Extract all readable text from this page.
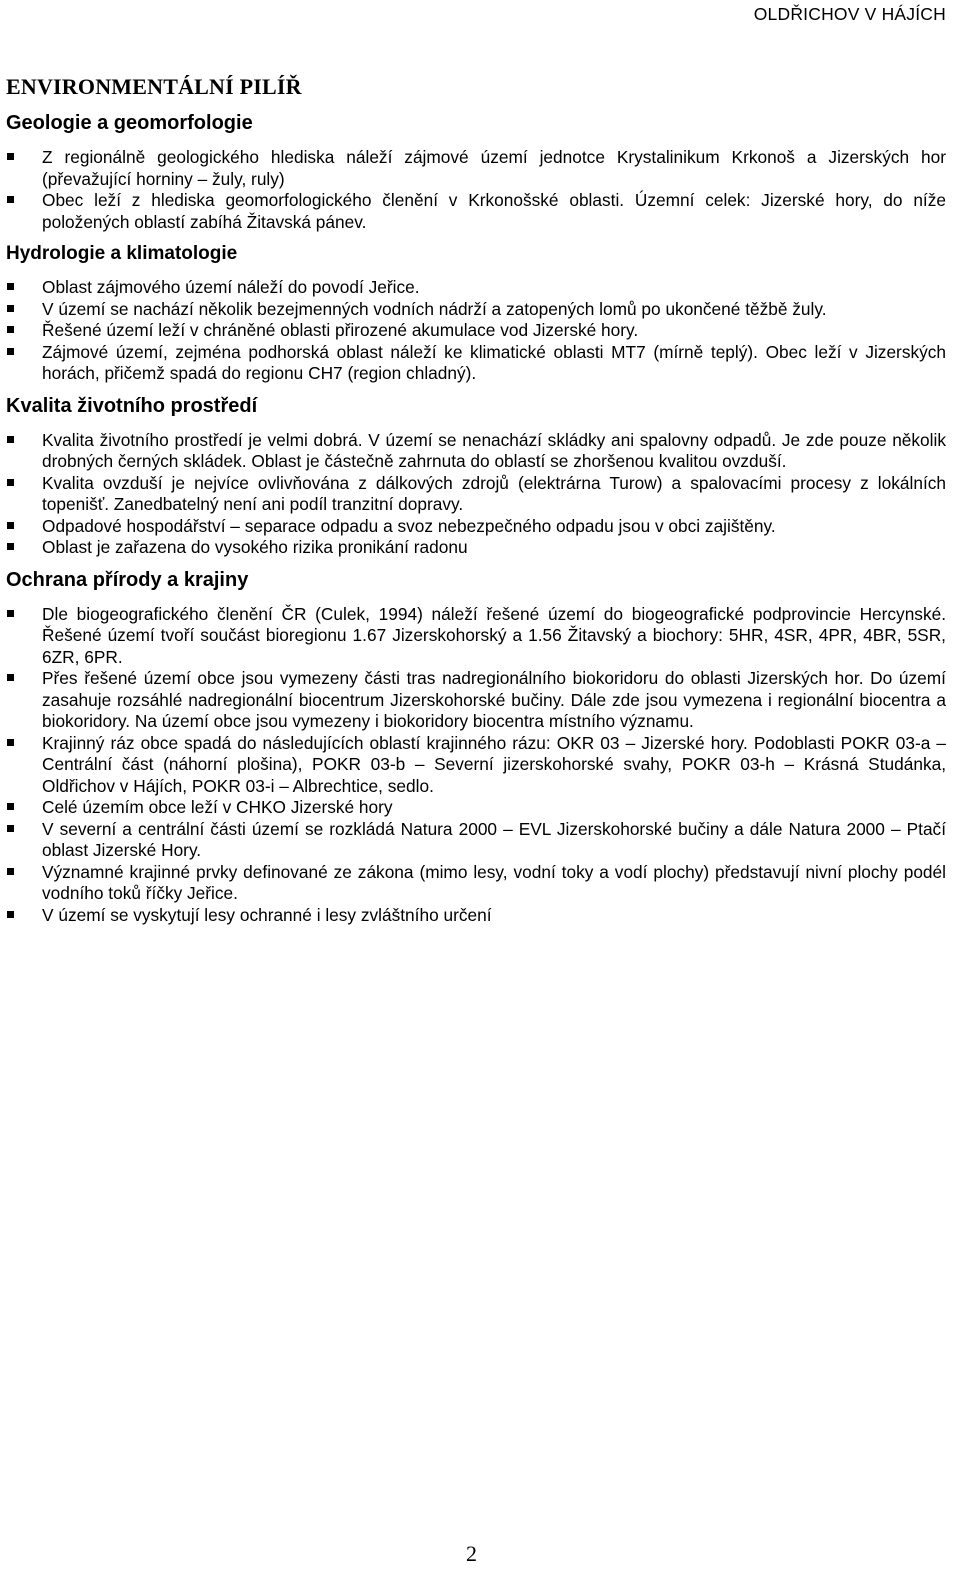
OLDŘICHOV V HÁJÍCH
ENVIRONMENTÁLNÍ PILÍŘ
Geologie a geomorfologie
Z regionálně geologického hlediska náleží zájmové území jednotce Krystalinikum Krkonoš a Jizerských hor (převažující horniny – žuly, ruly)
Obec leží z hlediska geomorfologického členění v Krkonošské oblasti. Územní celek: Jizerské hory, do níže položených oblastí zabíhá Žitavská pánev.
Hydrologie a klimatologie
Oblast zájmového území náleží do povodí Jeřice.
V území se nachází několik bezejmenných vodních nádrží a zatopených lomů po ukončené těžbě žuly.
Řešené území leží v chráněné oblasti přirozené akumulace vod Jizerské hory.
Zájmové území, zejména podhorská oblast náleží ke klimatické oblasti MT7 (mírně teplý). Obec leží v Jizerských horách, přičemž spadá do regionu CH7 (region chladný).
Kvalita životního prostředí
Kvalita životního prostředí je velmi dobrá. V území se nenachází skládky ani spalovny odpadů. Je zde pouze několik drobných černých skládek. Oblast je částečně zahrnuta do oblastí se zhoršenou kvalitou ovzduší.
Kvalita ovzduší je nejvíce ovlivňována z dálkových zdrojů (elektrárna Turow) a spalovacími procesy z lokálních topenišť. Zanedbatelný není ani podíl tranzitní dopravy.
Odpadové hospodářství – separace odpadu a svoz nebezpečného odpadu jsou v obci zajištěny.
Oblast je zařazena do vysokého rizika pronikání radonu
Ochrana přírody a krajiny
Dle biogeografického členění ČR (Culek, 1994) náleží řešené území do biogeografické podprovincie Hercynské. Řešené území tvoří součást bioregionu 1.67 Jizerskohorský a 1.56 Žitavský a biochory: 5HR, 4SR, 4PR, 4BR, 5SR, 6ZR, 6PR.
Přes řešené území obce jsou vymezeny části tras nadregionálního biokoridoru do oblasti Jizerských hor. Do území zasahuje rozsáhlé nadregionální biocentrum Jizerskohorské bučiny. Dále zde jsou vymezena i regionální biocentra a biokoridory. Na území obce jsou vymezeny i biokoridory biocentra místního významu.
Krajinný ráz obce spadá do následujících oblastí krajinného rázu: OKR 03 – Jizerské hory. Podoblasti POKR 03-a – Centrální část (náhorní plošina), POKR 03-b – Severní jizerskohorské svahy, POKR 03-h – Krásná Studánka, Oldřichov v Hájích, POKR 03-i – Albrechtice, sedlo.
Celé územím obce leží v CHKO Jizerské hory
V severní a centrální části území se rozkládá Natura 2000 – EVL Jizerskohorské bučiny a dále Natura 2000 – Ptačí oblast Jizerské Hory.
Významné krajinné prvky definované ze zákona (mimo lesy, vodní toky a vodí plochy) představují nivní plochy podél vodního toků říčky Jeřice.
V území se vyskytují lesy ochranné i lesy zvláštního určení
2
